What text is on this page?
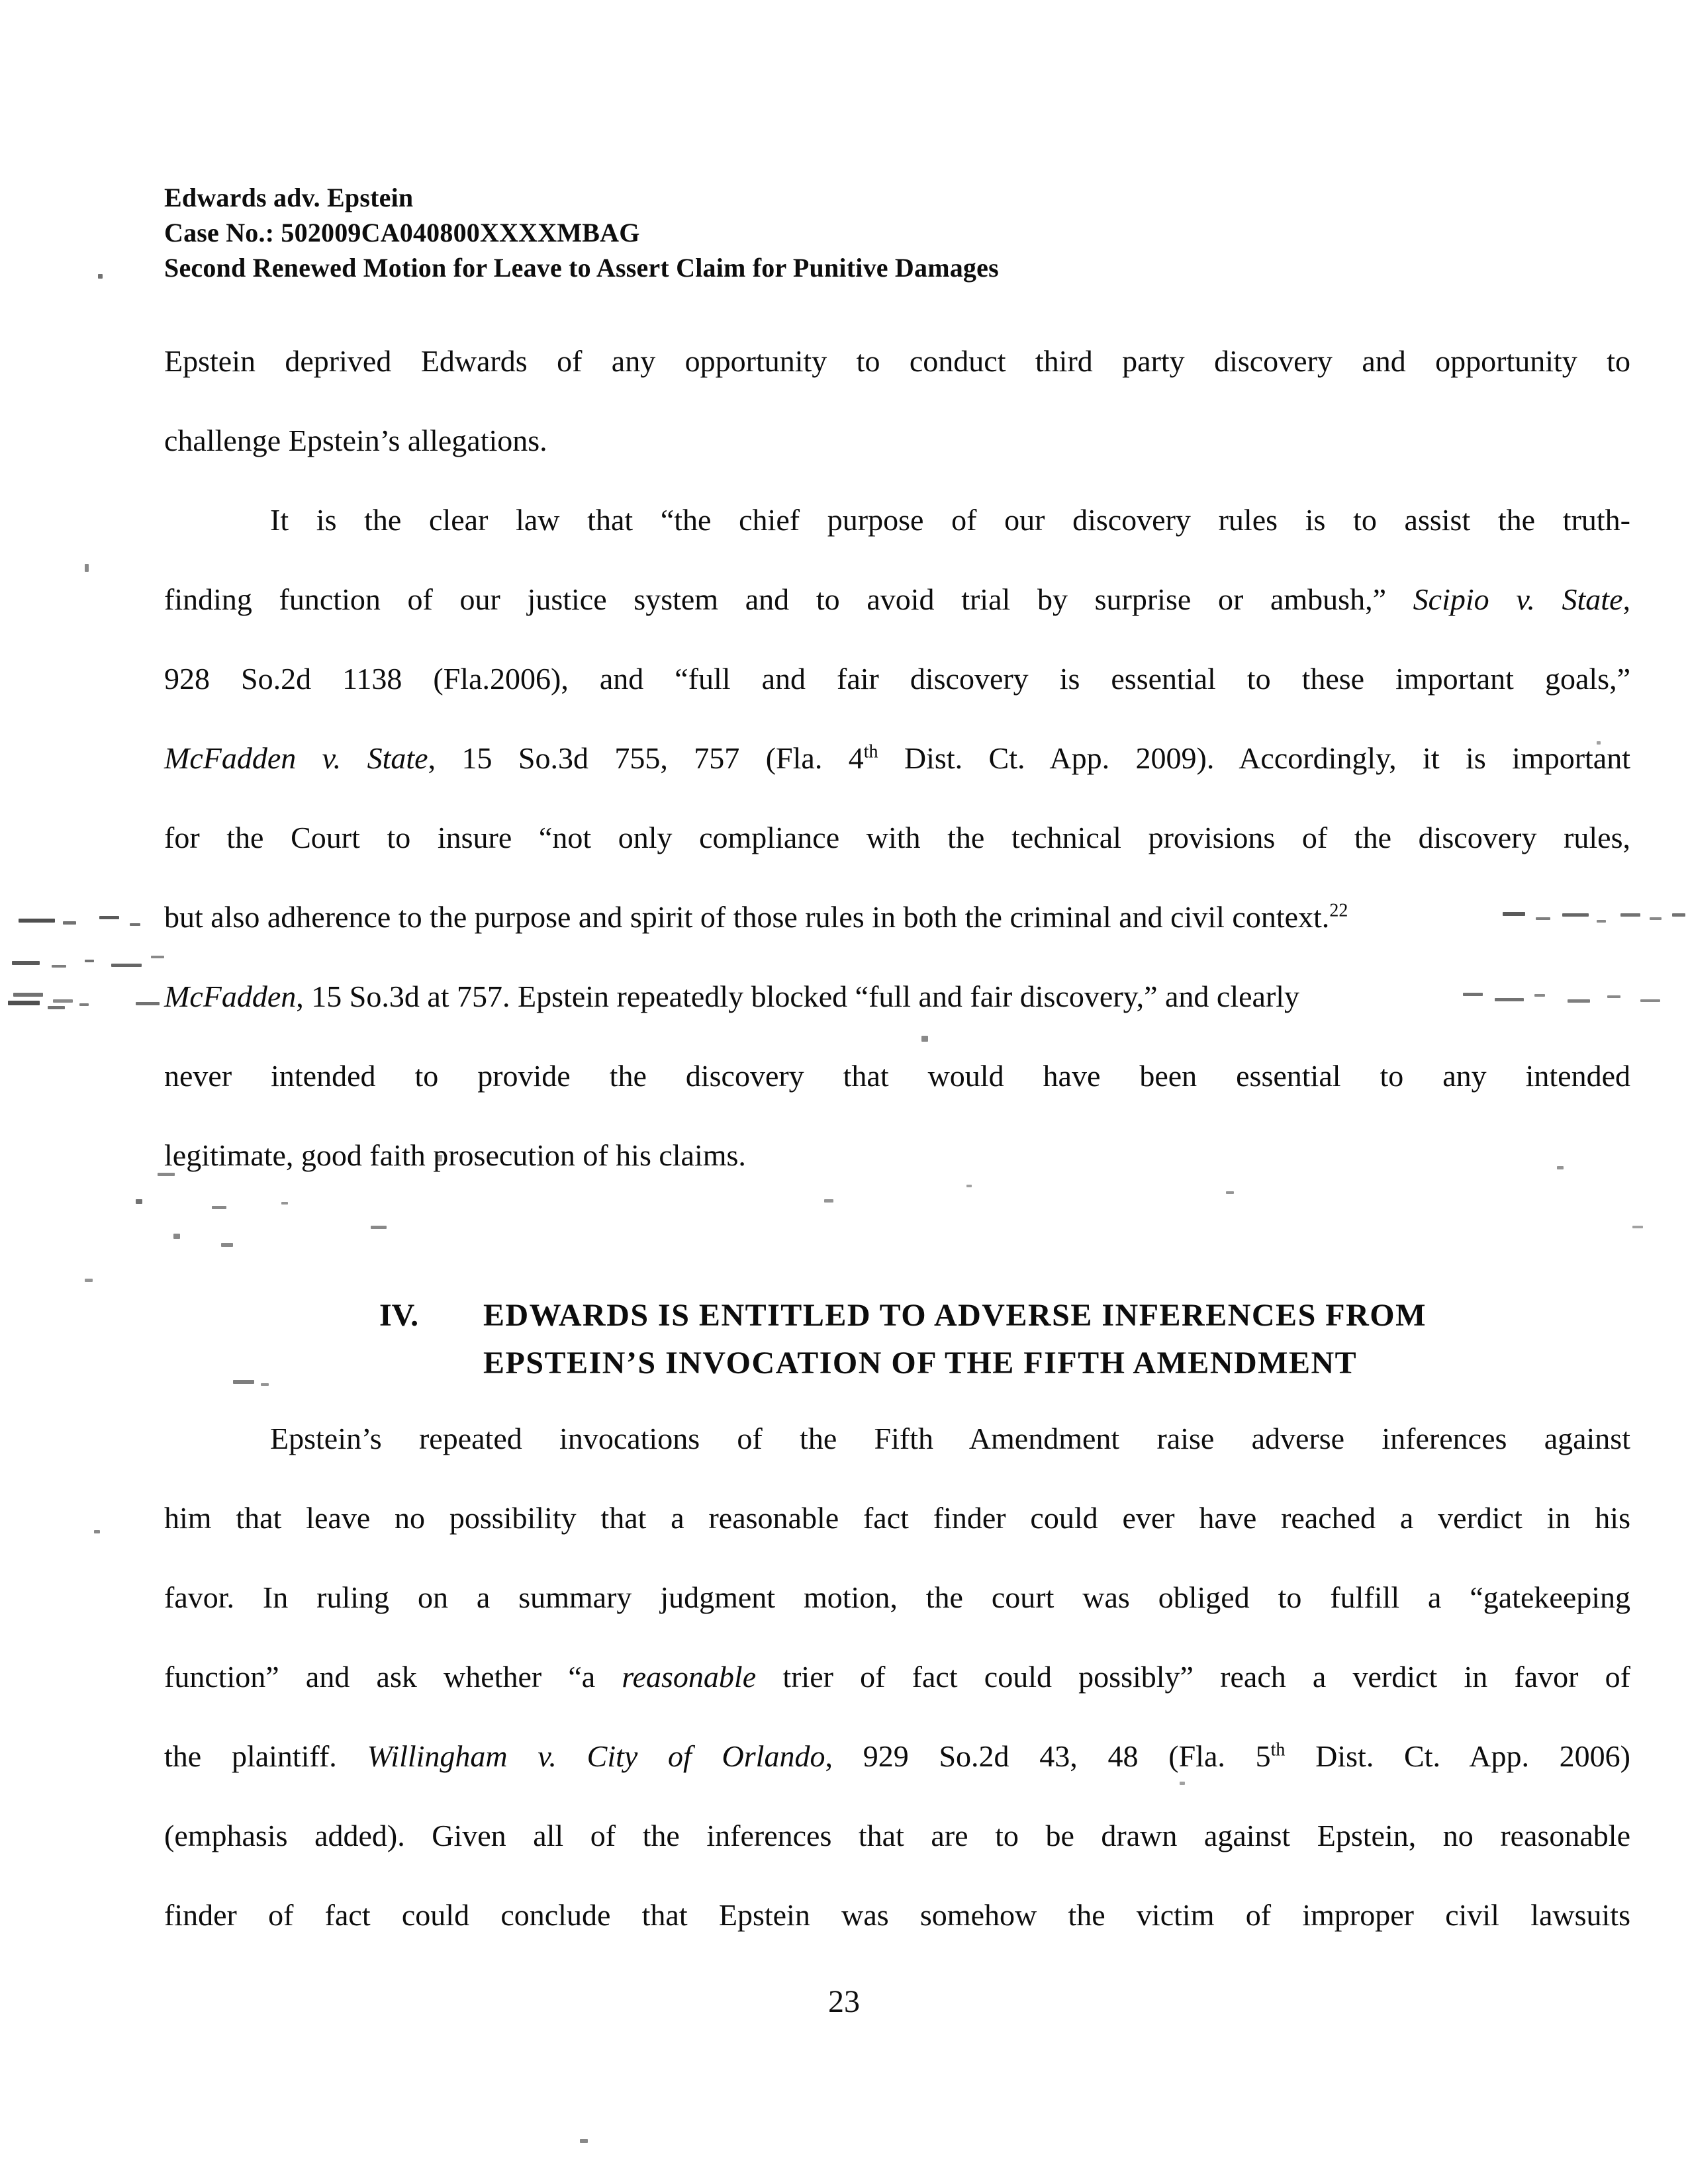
Edwards adv. Epstein
Case No.: 502009CA040800XXXXMBAG
Second Renewed Motion for Leave to Assert Claim for Punitive Damages
Epstein deprived Edwards of any opportunity to conduct third party discovery and opportunity to
challenge Epstein’s allegations.
It is the clear law that “the chief purpose of our discovery rules is to assist the truth-
finding function of our justice system and to avoid trial by surprise or ambush,” Scipio v. State,
928 So.2d 1138 (Fla.2006), and “full and fair discovery is essential to these important goals,”
McFadden v. State, 15 So.3d 755, 757 (Fla. 4th Dist. Ct. App. 2009). Accordingly, it is important
for the Court to insure “not only compliance with the technical provisions of the discovery rules,
but also adherence to the purpose and spirit of those rules in both the criminal and civil context.$^{22}$
McFadden, 15 So.3d at 757. Epstein repeatedly blocked “full and fair discovery,” and clearly
never intended to provide the discovery that would have been essential to any intended
legitimate, good faith prosecution of his claims.
IV.	EDWARDS IS ENTITLED TO ADVERSE INFERENCES FROM
EPSTEIN’S INVOCATION OF THE FIFTH AMENDMENT
Epstein’s repeated invocations of the Fifth Amendment raise adverse inferences against
him that leave no possibility that a reasonable fact finder could ever have reached a verdict in his
favor. In ruling on a summary judgment motion, the court was obliged to fulfill a “gatekeeping
function” and ask whether “a reasonable trier of fact could possibly” reach a verdict in favor of
the plaintiff. Willingham v. City of Orlando, 929 So.2d 43, 48 (Fla. 5th Dist. Ct. App. 2006)
(emphasis added). Given all of the inferences that are to be drawn against Epstein, no reasonable
finder of fact could conclude that Epstein was somehow the victim of improper civil lawsuits
23
